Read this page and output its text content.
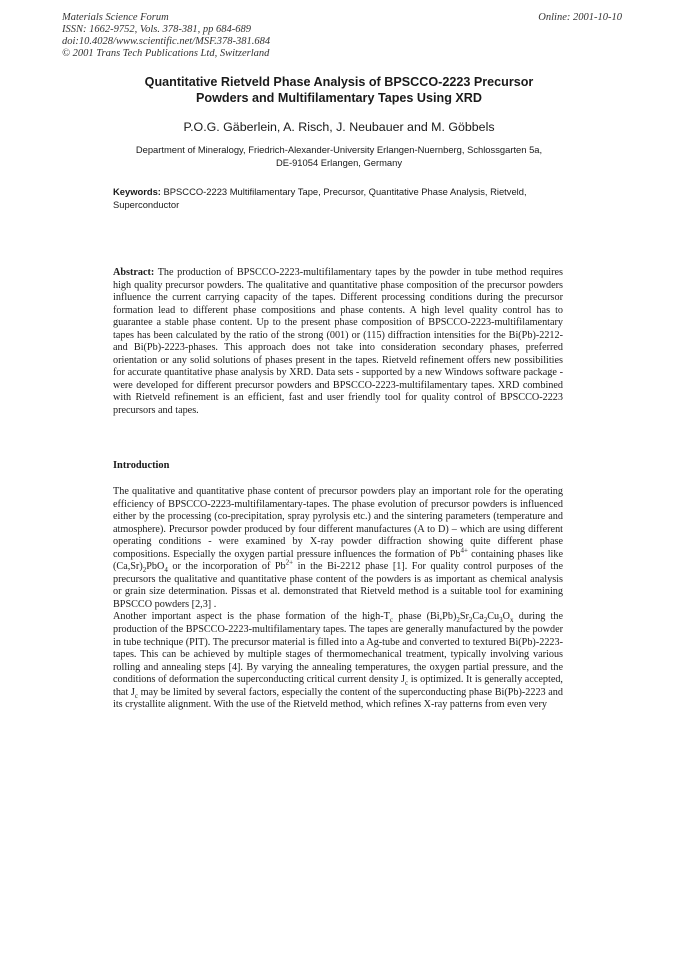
Materials Science Forum
ISSN: 1662-9752, Vols. 378-381, pp 684-689
doi:10.4028/www.scientific.net/MSF.378-381.684
© 2001 Trans Tech Publications Ltd, Switzerland
Online: 2001-10-10
Quantitative Rietveld Phase Analysis of BPSCCO-2223 Precursor
Powders and Multifilamentary Tapes Using XRD
P.O.G. Gäberlein, A. Risch, J. Neubauer and M. Göbbels
Department of Mineralogy, Friedrich-Alexander-University Erlangen-Nuernberg, Schlossgarten 5a,
DE-91054 Erlangen, Germany
Keywords: BPSCCO-2223 Multifilamentary Tape, Precursor, Quantitative Phase Analysis, Rietveld, Superconductor
Abstract: The production of BPSCCO-2223-multifilamentary tapes by the powder in tube method requires high quality precursor powders. The qualitative and quantitative phase composition of the precursor powders influence the current carrying capacity of the tapes. Different processing conditions during the precursor formation lead to different phase compositions and phase contents. A high level quality control has to guarantee a stable phase content. Up to the present phase composition of BPSCCO-2223-multifilamentary tapes has been calculated by the ratio of the strong (001) or (115) diffraction intensities for the Bi(Pb)-2212- and Bi(Pb)-2223-phases. This approach does not take into consideration secondary phases, preferred orientation or any solid solutions of phases present in the tapes. Rietveld refinement offers new possibilities for accurate quantitative phase analysis by XRD. Data sets - supported by a new Windows software package - were developed for different precursor powders and BPSCCO-2223-multifilamentary tapes. XRD combined with Rietveld refinement is an efficient, fast and user friendly tool for quality control of BPSCCO-2223 precursors and tapes.
Introduction

The qualitative and quantitative phase content of precursor powders play an important role for the operating efficiency of BPSCCO-2223-multifilamentary-tapes. The phase evolution of precursor powders is influenced either by the processing (co-precipitation, spray pyrolysis etc.) and the sintering parameters (temperature and atmosphere). Precursor powder produced by four different manufactures (A to D) – which are using different operating conditions - were examined by X-ray powder diffraction showing quite different phase compositions. Especially the oxygen partial pressure influences the formation of $Pb^{4+}$ containing phases like $(Ca,Sr)_2PbO_4$ or the incorporation of $Pb^{2+}$ in the Bi-2212 phase [1]. For quality control purposes of the precursors the qualitative and quantitative phase content of the powders is as important as chemical analysis or grain size determination. Pissas et al. demonstrated that Rietveld method is a suitable tool for examining BPSCCO powders [2,3] .

Another important aspect is the phase formation of the high-$T_c$ phase $(Bi,Pb)_2Sr_2Ca_2Cu_3O_x$ during the production of the BPSCCO-2223-multifilamentary tapes. The tapes are generally manufactured by the powder in tube technique (PIT). The precursor material is filled into a Ag-tube and converted to textured Bi(Pb)-2223-tapes. This can be achieved by multiple stages of thermomechanical treatment, typically involving various rolling and annealing steps [4]. By varying the annealing temperatures, the oxygen partial pressure, and the conditions of deformation the superconducting critical current density $J_c$ is optimized. It is generally accepted, that $J_c$ may be limited by several factors, especially the content of the superconducting phase Bi(Pb)-2223 and its crystallite alignment. With the use of the Rietveld method, which refines X-ray patterns from even very
